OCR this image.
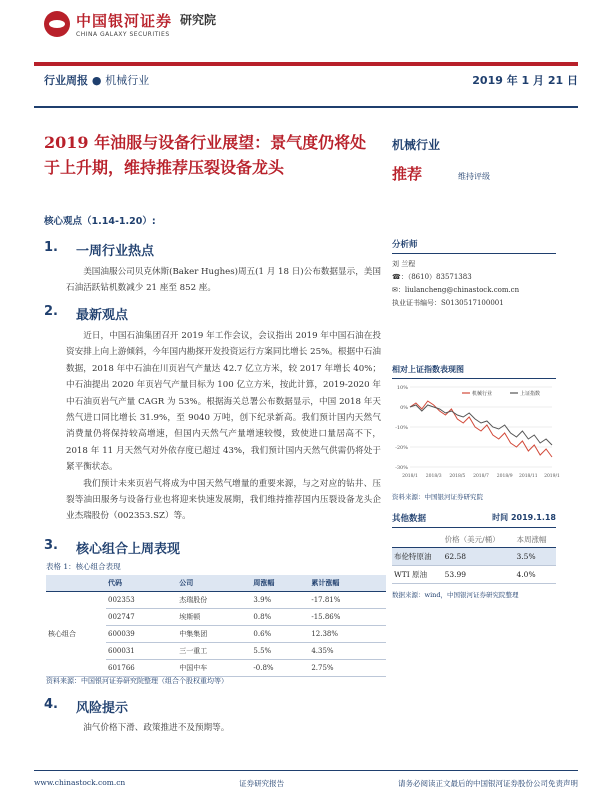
中国银河证券
CHINA GALAXY SECURITIES
研究院
行业周报 ● 机械行业	2019 年 1 月 21 日
2019 年油服与设备行业展望：景气度仍将处于上升期，维持推荐压裂设备龙头
核心观点（1.14-1.20）:
1.	一周行业热点

美国油服公司贝克休斯(Baker Hughes)周五(1 月 18 日)公布数据显示，美国石油活跃钻机数减少 21 座至 852 座。

2.	最新观点

近日，中国石油集团召开 2019 年工作会议，会议指出 2019 年中国石油在投资安排上向上游倾斜，今年国内勘探开发投资运行方案同比增长 25%。根据中石油数据，2018 年中石油在川页岩气产量达 42.7 亿立方米，较 2017 年增长 40%；中石油提出 2020 年页岩气产量目标为 100 亿立方米，按此计算，2019-2020 年中石油页岩气产量 CAGR 为 53%。根据海关总署公布数据显示，中国 2018 年天然气进口同比增长 31.9%，至 9040 万吨，创下纪录新高。我们预计国内天然气消费量仍将保持较高增速，但国内天然气产量增速较慢，致使进口量居高不下，2018 年 11 月天然气对外依存度已超过 43%，我们预计国内天然气供需仍将处于紧平衡状态。

我们预计未来页岩气将成为中国天然气增量的重要来源，与之对应的钻井、压裂等油田服务与设备行业也将迎来快速发展期，我们维持推荐国内压裂设备龙头企业杰瑞股份（002353.SZ）等。

3.	核心组合上周表现
表格 1：核心组合表现
	代码	公司	周涨幅	累计涨幅
核心组合	002353	杰瑞股份	3.9%	-17.81%
	002747	埃斯顿	0.8%	-15.86%
	600039	中集集团	0.6%	12.38%
	600031	三一重工	5.5%	4.35%
	601766	中国中车	-0.8%	2.75%
资料来源：中国银河证券研究院整理（组合个股权重均等）
4.	风险提示

油气价格下滑、政策推进不及预期等。

机械行业
推荐	维持评级
分析师
刘 兰程
☎：（8610）83571383
✉：liulancheng@chinastock.com.cn
执业证书编号：S0130517100001
相对上证指数表现图
-30%
-20%
-10%
0%
10%
2018/1 2018/3 2018/5 2018/7 2018/9 2018/11 2019/1
机械行业	上证指数
资料来源：中国银河证券研究院
其他数据	时间 2019.1.18
	价格（美元/桶）	本周涨幅
布伦特原油	62.58	3.5%
WTI 原油	53.99	4.0%
数据来源：wind，中国银河证券研究院整理
www.chinastock.com.cn	证券研究报告	请务必阅读正文最后的中国银河证券股份公司免责声明
